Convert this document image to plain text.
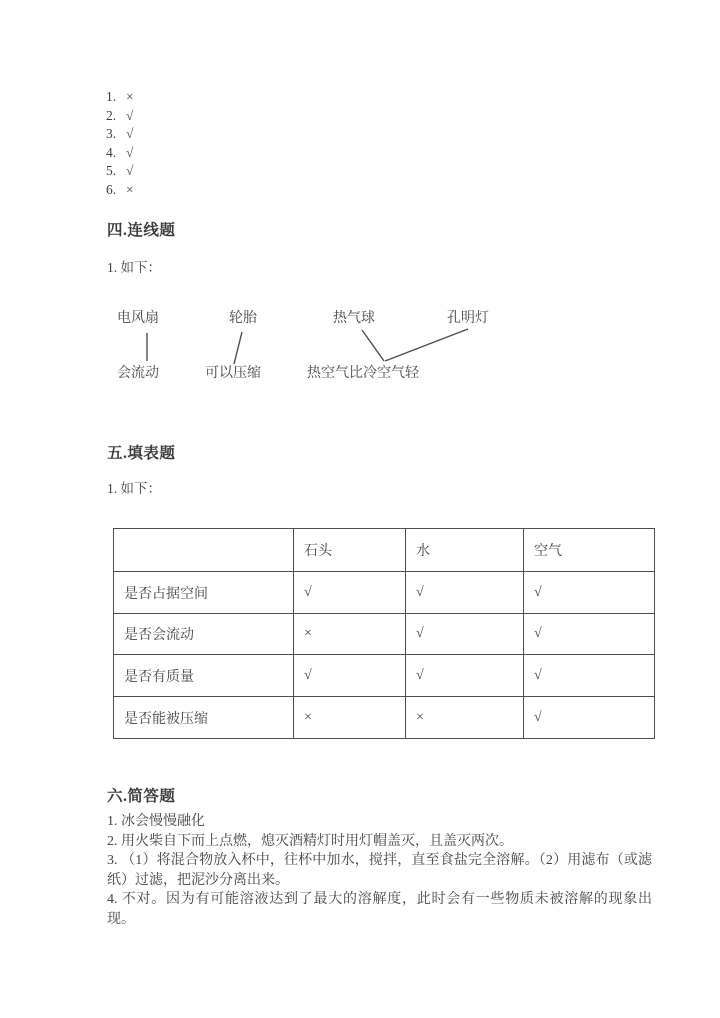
1. ×
2. √
3. √
4. √
5. √
6. ×
四.连线题
1. 如下：
电风扇	轮胎	热气球	孔明灯
会流动	可以压缩	热空气比冷空气轻
五.填表题
1. 如下：
	石头	水	空气
是否占据空间	√	√	√
是否会流动	×	√	√
是否有质量	√	√	√
是否能被压缩	×	×	√
六.简答题

1. 冰会慢慢融化

2. 用火柴自下而上点燃，熄灭酒精灯时用灯帽盖灭，且盖灭两次。

3. （1）将混合物放入杯中，往杯中加水，搅拌，直至食盐完全溶解。（2）用滤布（或滤纸）过滤，把泥沙分离出来。

4. 不对。因为有可能溶液达到了最大的溶解度，此时会有一些物质未被溶解的现象出现。
